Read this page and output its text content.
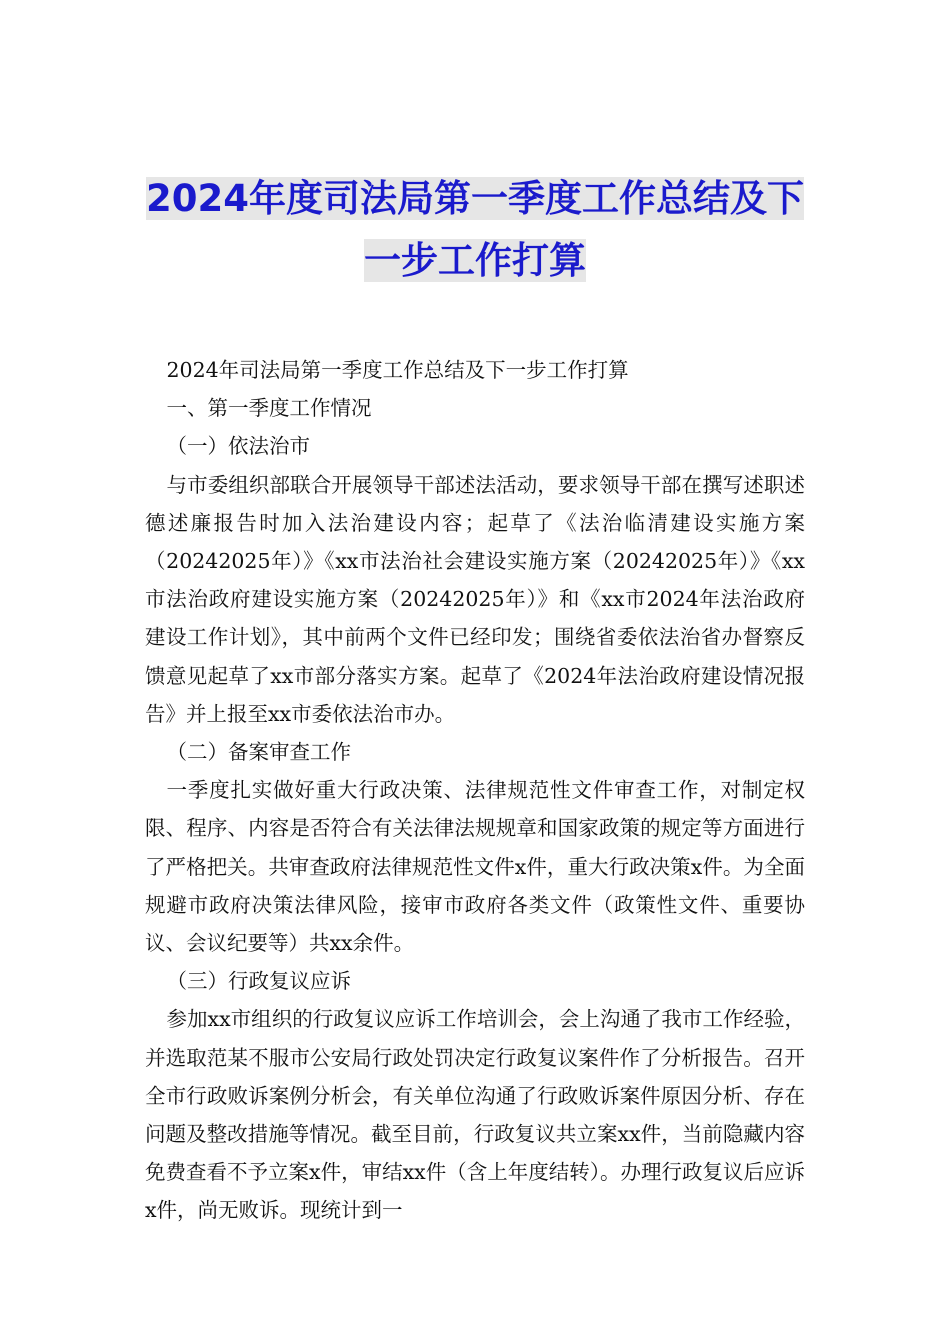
2024年度司法局第一季度工作总结及下一步工作打算

2024年司法局第一季度工作总结及下一步工作打算

一、第一季度工作情况

（一）依法治市

与市委组织部联合开展领导干部述法活动，要求领导干部在撰写述职述德述廉报告时加入法治建设内容；起草了《法治临清建设实施方案（20242025年）》《xx市法治社会建设实施方案（20242025年）》《xx市法治政府建设实施方案（20242025年）》和《xx市2024年法治政府建设工作计划》，其中前两个文件已经印发；围绕省委依法治省办督察反馈意见起草了xx市部分落实方案。起草了《2024年法治政府建设情况报告》并上报至xx市委依法治市办。

（二）备案审查工作

一季度扎实做好重大行政决策、法律规范性文件审查工作，对制定权限、程序、内容是否符合有关法律法规规章和国家政策的规定等方面进行了严格把关。共审查政府法律规范性文件x件，重大行政决策x件。为全面规避市政府决策法律风险，接审市政府各类文件（政策性文件、重要协议、会议纪要等）共xx余件。

（三）行政复议应诉

参加xx市组织的行政复议应诉工作培训会，会上沟通了我市工作经验，并选取范某不服市公安局行政处罚决定行政复议案件作了分析报告。召开全市行政败诉案例分析会，有关单位沟通了行政败诉案件原因分析、存在问题及整改措施等情况。截至目前，行政复议共立案xx件，当前隐藏内容免费查看不予立案x件，审结xx件（含上年度结转）。办理行政复议后应诉x件，尚无败诉。现统计到一
